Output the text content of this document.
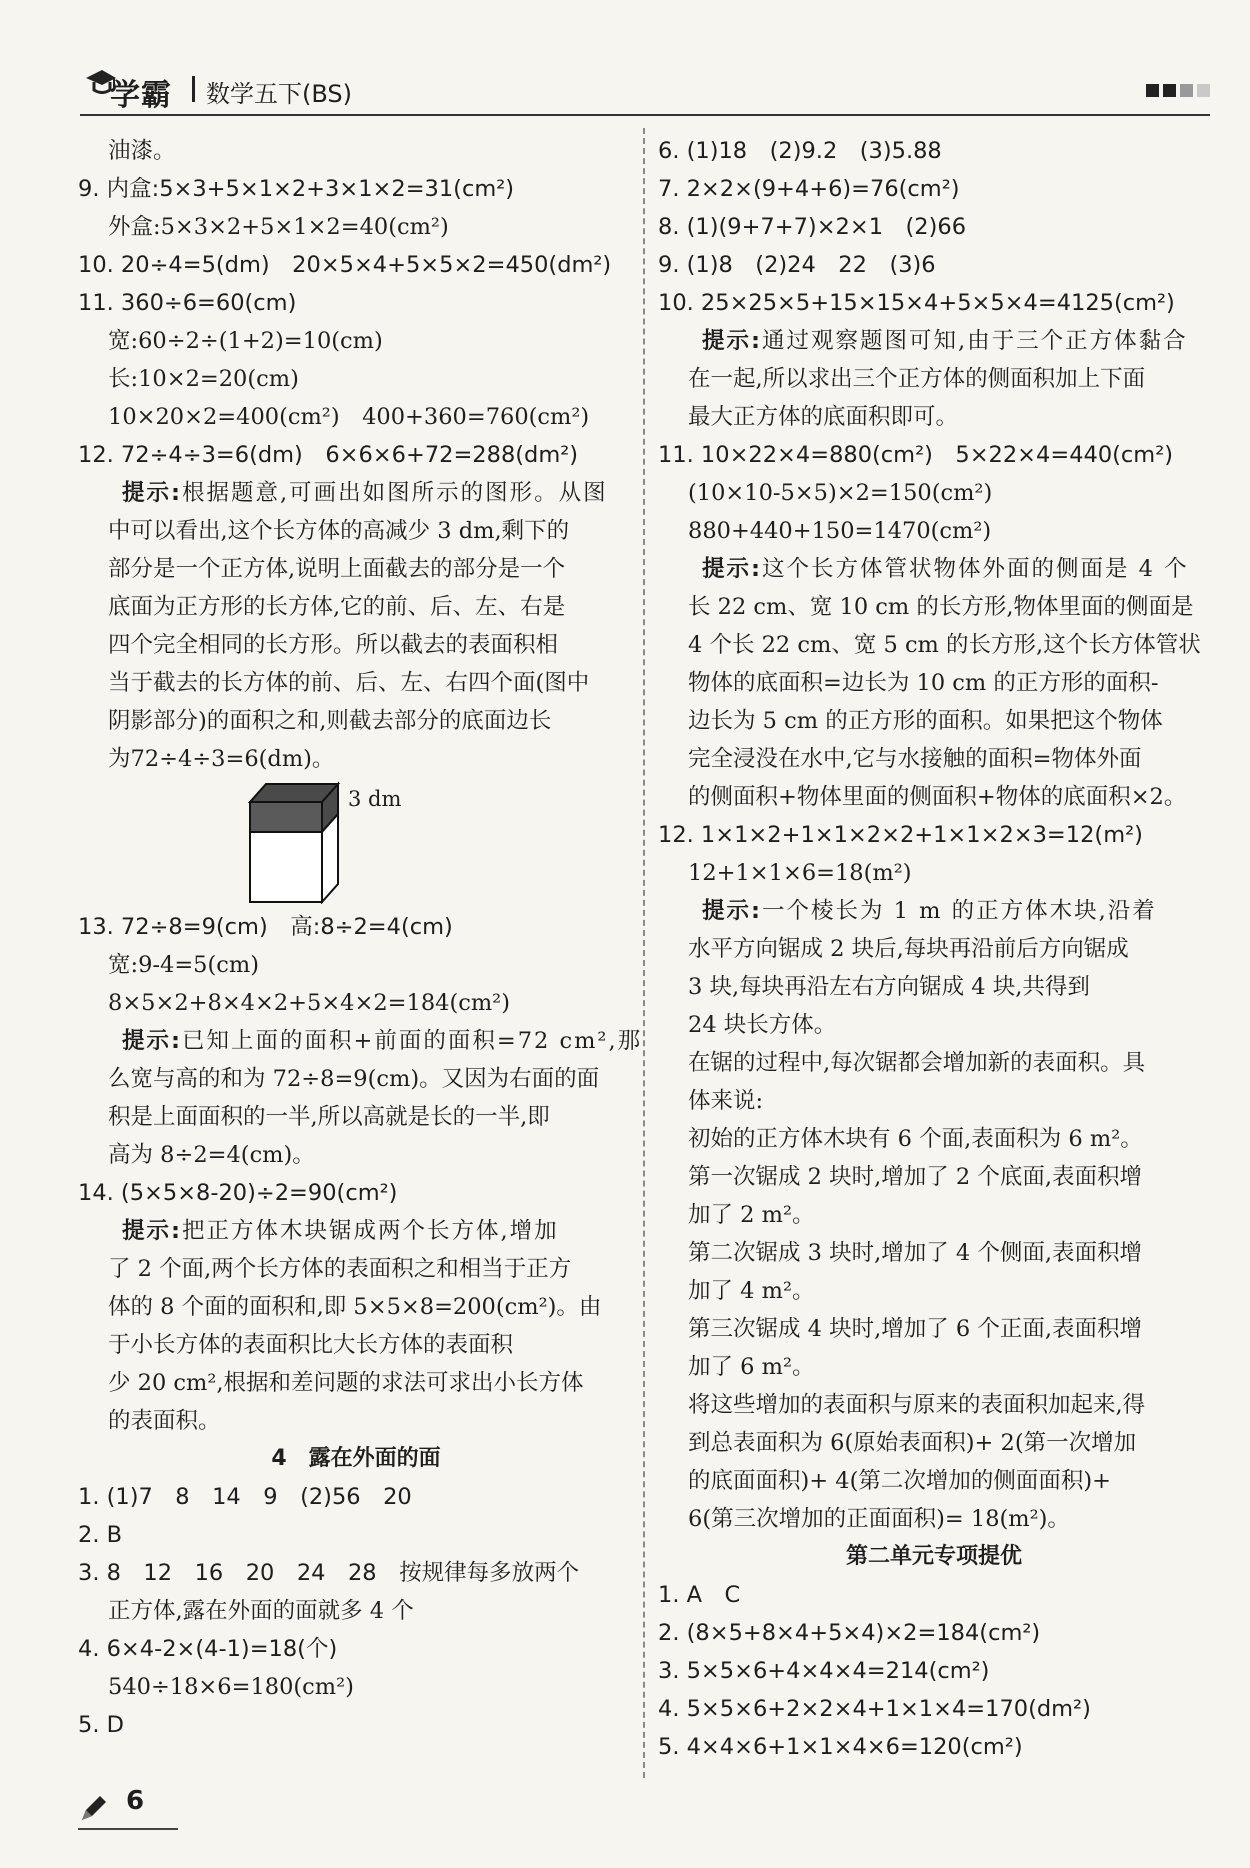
学霸 数学五下(BS)
油漆。
9. 内盒:5×3+5×1×2+3×1×2=31(cm²)
外盒:5×3×2+5×1×2=40(cm²)
10. 20÷4=5(dm)　20×5×4+5×5×2=450(dm²)
11. 360÷6=60(cm)
宽:60÷2÷(1+2)=10(cm)
长:10×2=20(cm)
10×20×2=400(cm²)　400+360=760(cm²)
12. 72÷4÷3=6(dm)　6×6×6+72=288(dm²)
提示:根据题意,可画出如图所示的图形。从图
中可以看出,这个长方体的高减少 3 dm,剩下的
部分是一个正方体,说明上面截去的部分是一个
底面为正方形的长方体,它的前、后、左、右是
四个完全相同的长方形。所以截去的表面积相
当于截去的长方体的前、后、左、右四个面(图中
阴影部分)的面积之和,则截去部分的底面边长
为72÷4÷3=6(dm)。
3 dm
13. 72÷8=9(cm)　高:8÷2=4(cm)
宽:9-4=5(cm)
8×5×2+8×4×2+5×4×2=184(cm²)
提示:已知上面的面积+前面的面积=72 cm²,那
么宽与高的和为 72÷8=9(cm)。又因为右面的面
积是上面面积的一半,所以高就是长的一半,即
高为 8÷2=4(cm)。
14. (5×5×8-20)÷2=90(cm²)
提示:把正方体木块锯成两个长方体,增加
了 2 个面,两个长方体的表面积之和相当于正方
体的 8 个面的面积和,即 5×5×8=200(cm²)。由
于小长方体的表面积比大长方体的表面积
少 20 cm²,根据和差问题的求法可求出小长方体
的表面积。
4　露在外面的面
1. (1)7　8　14　9　(2)56　20
2. B
3. 8　12　16　20　24　28　按规律每多放两个
正方体,露在外面的面就多 4 个
4. 6×4-2×(4-1)=18(个)
540÷18×6=180(cm²)
5. D
6. (1)18　(2)9.2　(3)5.88
7. 2×2×(9+4+6)=76(cm²)
8. (1)(9+7+7)×2×1　(2)66
9. (1)8　(2)24　22　(3)6
10. 25×25×5+15×15×4+5×5×4=4125(cm²)
提示:通过观察题图可知,由于三个正方体黏合
在一起,所以求出三个正方体的侧面积加上下面
最大正方体的底面积即可。
11. 10×22×4=880(cm²)　5×22×4=440(cm²)
(10×10-5×5)×2=150(cm²)
880+440+150=1470(cm²)
提示:这个长方体管状物体外面的侧面是 4 个
长 22 cm、宽 10 cm 的长方形,物体里面的侧面是
4 个长 22 cm、宽 5 cm 的长方形,这个长方体管状
物体的底面积=边长为 10 cm 的正方形的面积-
边长为 5 cm 的正方形的面积。如果把这个物体
完全浸没在水中,它与水接触的面积=物体外面
的侧面积+物体里面的侧面积+物体的底面积×2。
12. 1×1×2+1×1×2×2+1×1×2×3=12(m²)
12+1×1×6=18(m²)
提示:一个棱长为 1 m 的正方体木块,沿着
水平方向锯成 2 块后,每块再沿前后方向锯成
3 块,每块再沿左右方向锯成 4 块,共得到
24 块长方体。
在锯的过程中,每次锯都会增加新的表面积。具
体来说:
初始的正方体木块有 6 个面,表面积为 6 m²。
第一次锯成 2 块时,增加了 2 个底面,表面积增
加了 2 m²。
第二次锯成 3 块时,增加了 4 个侧面,表面积增
加了 4 m²。
第三次锯成 4 块时,增加了 6 个正面,表面积增
加了 6 m²。
将这些增加的表面积与原来的表面积加起来,得
到总表面积为 6(原始表面积)+ 2(第一次增加
的底面面积)+ 4(第二次增加的侧面面积)+
6(第三次增加的正面面积)= 18(m²)。
第二单元专项提优
1. A　C
2. (8×5+8×4+5×4)×2=184(cm²)
3. 5×5×6+4×4×4=214(cm²)
4. 5×5×6+2×2×4+1×1×4=170(dm²)
5. 4×4×6+1×1×4×6=120(cm²)
6
